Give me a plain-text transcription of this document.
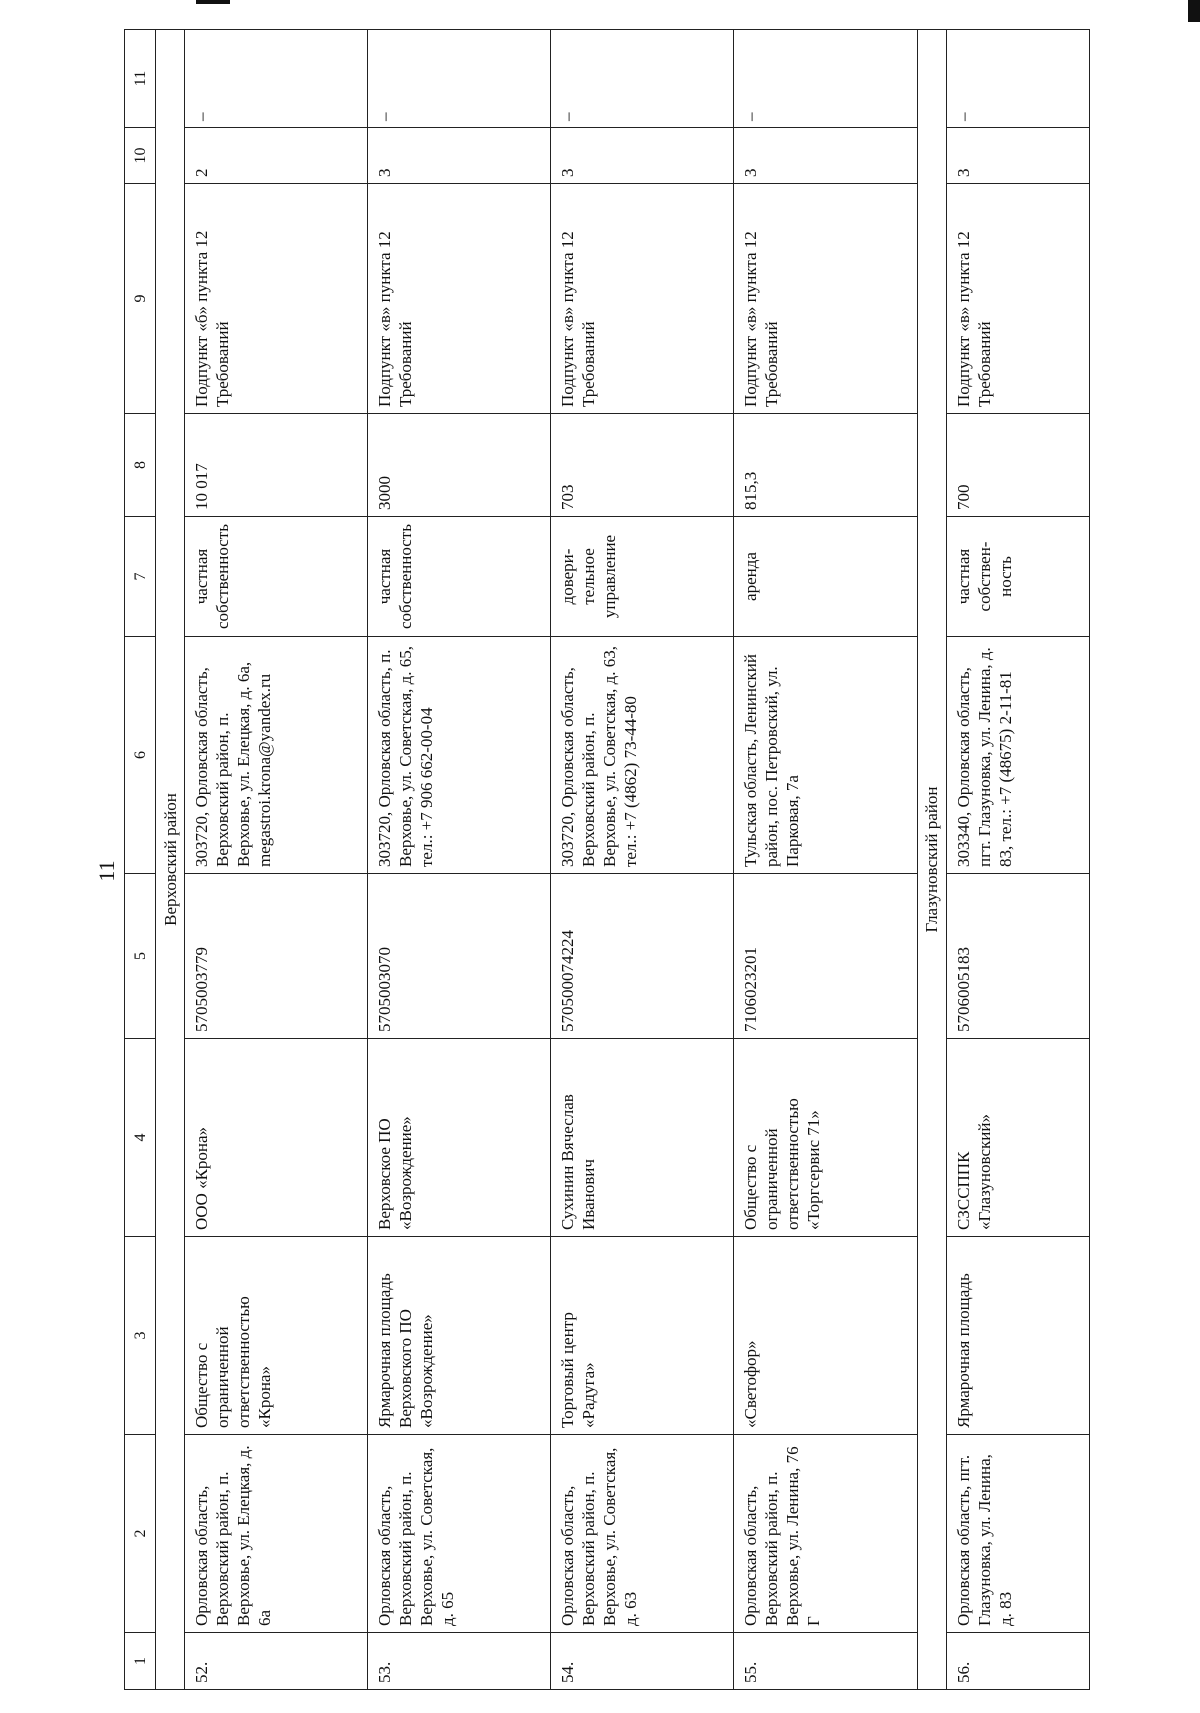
11
1	2	3	4	5	6	7	8	9	10	11
Верховский район										
52.	Орловская область, Верховский район, п. Верховье, ул. Елецкая, д. 6а	Общество с ограниченной ответственностью «Крона»	ООО «Крона»	5705003779	303720, Орловская область, Верховский район, п. Верховье, ул. Елецкая, д. 6а, megastroi.krona@yandex.ru	частная собственность	10 017	Подпункт «б» пункта 12 Требований	2	–
53.	Орловская область, Верховский район, п. Верховье, ул. Советская, д. 65	Ярмарочная площадь Верховского ПО «Возрождение»	Верховское ПО «Возрождение»	5705003070	303720, Орловская область, п. Верховье, ул. Советская, д. 65, тел.: +7 906 662-00-04	частная собственность	3000	Подпункт «в» пункта 12 Требований	3	–
54.	Орловская область, Верховский район, п. Верховье, ул. Советская, д. 63	Торговый центр «Радуга»	Сухинин Вячеслав Иванович	570500074224	303720, Орловская область, Верховский район, п. Верховье, ул. Советская, д. 63, тел.: +7 (4862) 73-44-80	довери-тельное управление	703	Подпункт «в» пункта 12 Требований	3	–
55.	Орловская область, Верховский район, п. Верховье, ул. Ленина, 76 Г	«Светофор»	Общество с ограниченной ответственностью «Торгсервис 71»	7106023201	Тульская область, Ленинский район, пос. Петровский, ул. Парковая, 7а	аренда	815,3	Подпункт «в» пункта 12 Требований	3	–
Глазуновский район										
56.	Орловская область, пгт. Глазуновка, ул. Ленина, д. 83	Ярмарочная площадь	СЗССППК «Глазуновский»	5706005183	303340, Орловская область, пгт. Глазуновка, ул. Ленина, д. 83, тел.: +7 (48675) 2-11-81	частная собствен-ность	700	Подпункт «в» пункта 12 Требований	3	–
